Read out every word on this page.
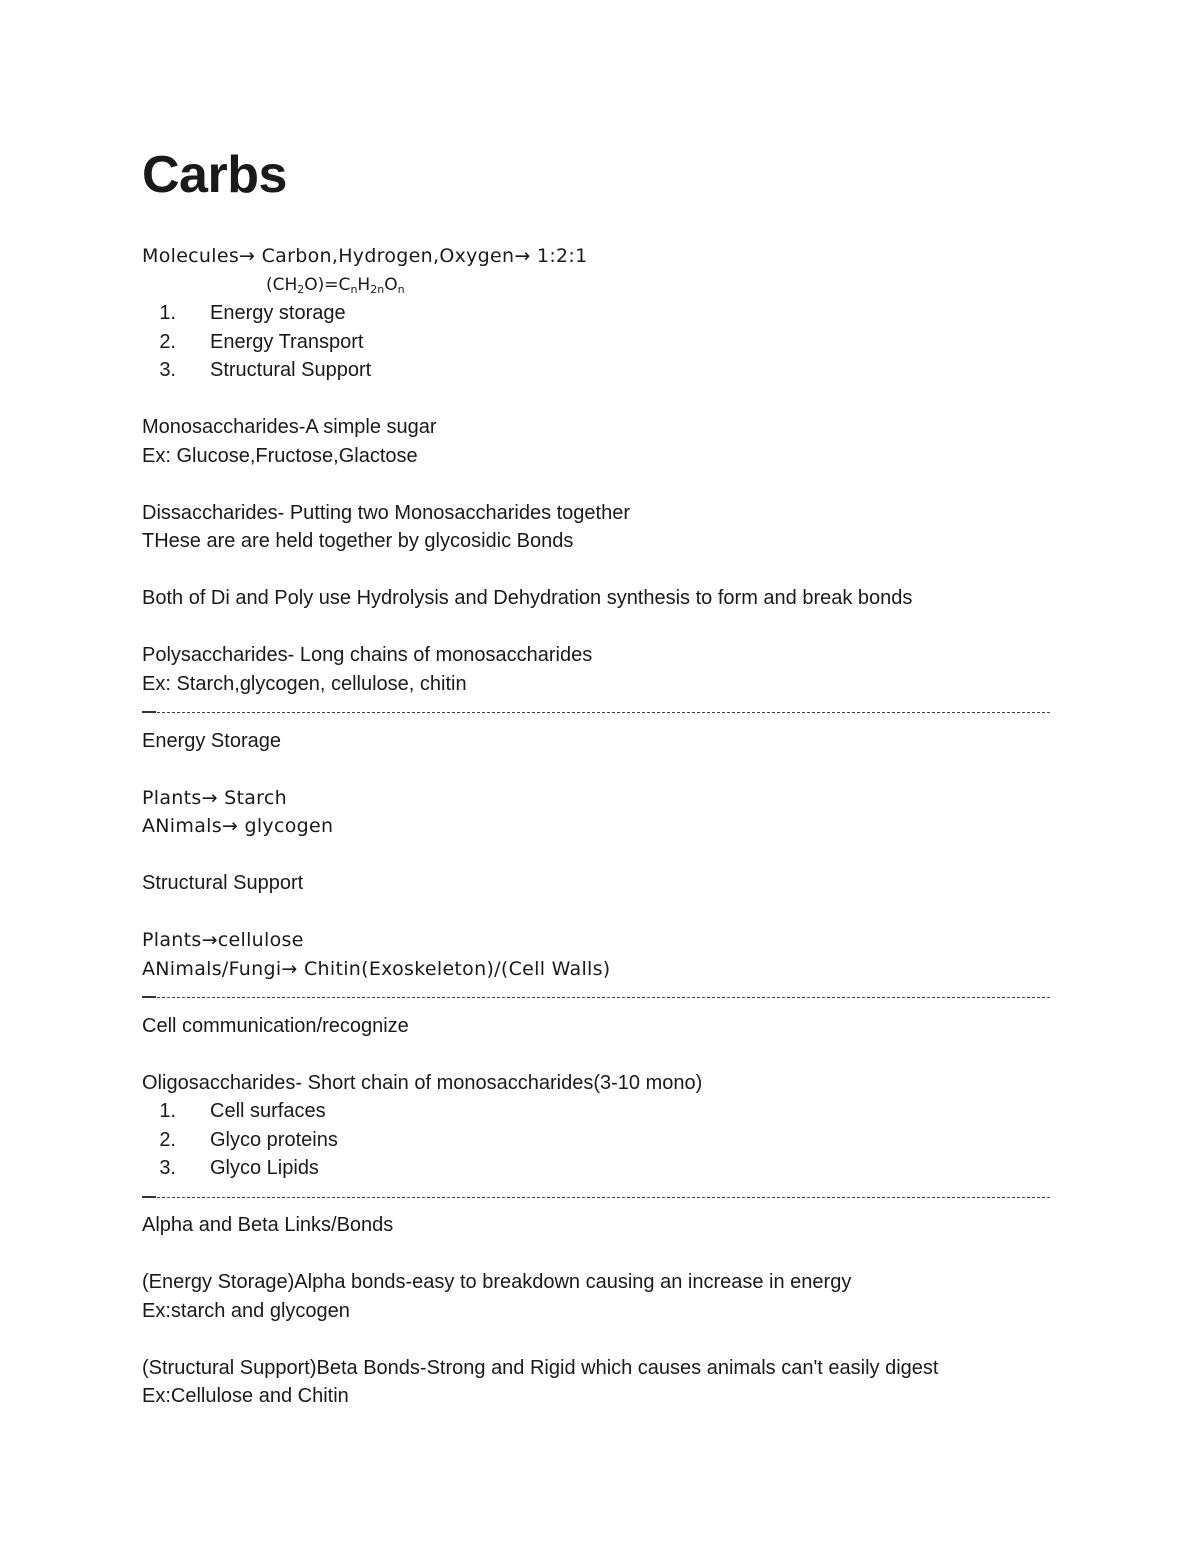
Carbs
Molecules→ Carbon,Hydrogen,Oxygen→ 1:2:1
$(CH_2O)=C_nH_{2n}O_n$
1. Energy storage
2. Energy Transport
3. Structural Support
Monosaccharides-A simple sugar
Ex: Glucose,Fructose,Glactose
Dissaccharides- Putting two Monosaccharides together
THese are are held together by glycosidic Bonds
Both of Di and Poly use Hydrolysis and Dehydration synthesis to form and break bonds
Polysaccharides- Long chains of monosaccharides
Ex: Starch,glycogen, cellulose, chitin
Energy Storage
Plants→ Starch
ANimals→ glycogen
Structural Support
Plants→cellulose
ANimals/Fungi→ Chitin(Exoskeleton)/(Cell Walls)
Cell communication/recognize
Oligosaccharides- Short chain of monosaccharides(3-10 mono)
1. Cell surfaces
2. Glyco proteins
3. Glyco Lipids
Alpha and Beta Links/Bonds
(Energy Storage)Alpha bonds-easy to breakdown causing an increase in energy
Ex:starch and glycogen
(Structural Support)Beta Bonds-Strong and Rigid which causes animals can't easily digest
Ex:Cellulose and Chitin
